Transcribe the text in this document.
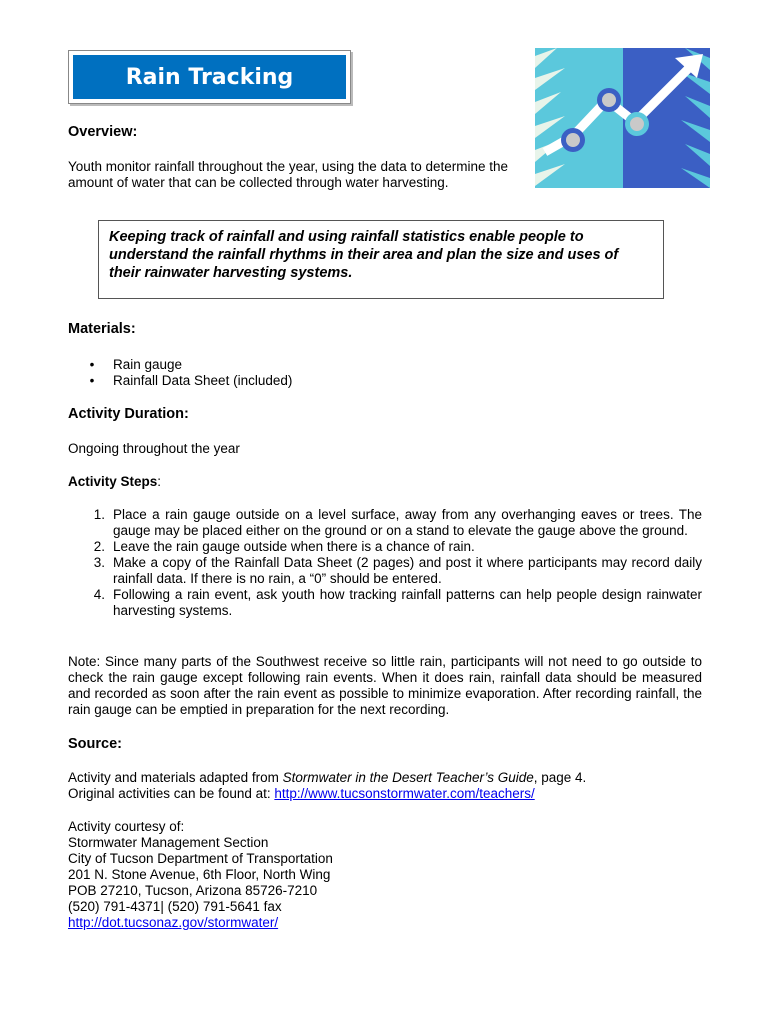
Rain Tracking
Overview:
Youth monitor rainfall throughout the year, using the data to determine the amount of water that can be collected through water harvesting.
Keeping track of rainfall and using rainfall statistics enable people to understand the rainfall rhythms in their area and plan the size and uses of their rainwater harvesting systems.
Materials:
•	Rain gauge
•	Rainfall Data Sheet (included)
Activity Duration:
Ongoing throughout the year
Activity Steps:
1. Place a rain gauge outside on a level surface, away from any overhanging eaves or trees. The gauge may be placed either on the ground or on a stand to elevate the gauge above the ground.
2. Leave the rain gauge outside when there is a chance of rain.
3. Make a copy of the Rainfall Data Sheet (2 pages) and post it where participants may record daily rainfall data. If there is no rain, a “0” should be entered.
4. Following a rain event, ask youth how tracking rainfall patterns can help people design rainwater harvesting systems.
Note: Since many parts of the Southwest receive so little rain, participants will not need to go outside to check the rain gauge except following rain events. When it does rain, rainfall data should be measured and recorded as soon after the rain event as possible to minimize evaporation. After recording rainfall, the rain gauge can be emptied in preparation for the next recording.
Source:
Activity and materials adapted from Stormwater in the Desert Teacher’s Guide, page 4.
Original activities can be found at: http://www.tucsonstormwater.com/teachers/
Activity courtesy of:
Stormwater Management Section
City of Tucson Department of Transportation
201 N. Stone Avenue, 6th Floor, North Wing
POB 27210, Tucson, Arizona 85726-7210
(520) 791-4371| (520) 791-5641 fax
http://dot.tucsonaz.gov/stormwater/
